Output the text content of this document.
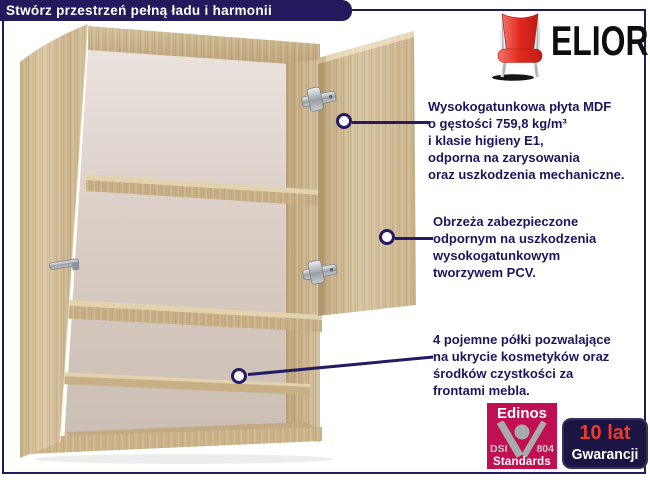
Stwórz przestrzeń pełną ładu i harmonii
ELIOR
Wysokogatunkowa płyta MDF
o gęstości 759,8 kg/m³
i klasie higieny E1,
odporna na zarysowania
oraz uszkodzenia mechaniczne.
Obrzeża zabezpieczone
odpornym na uszkodzenia
wysokogatunkowym
tworzywem PCV.
4 pojemne półki pozwalające
na ukrycie kosmetyków oraz
środków czystkości za
frontami mebla.
Edinos
DSI	804
Standards
10 lat
Gwarancji
